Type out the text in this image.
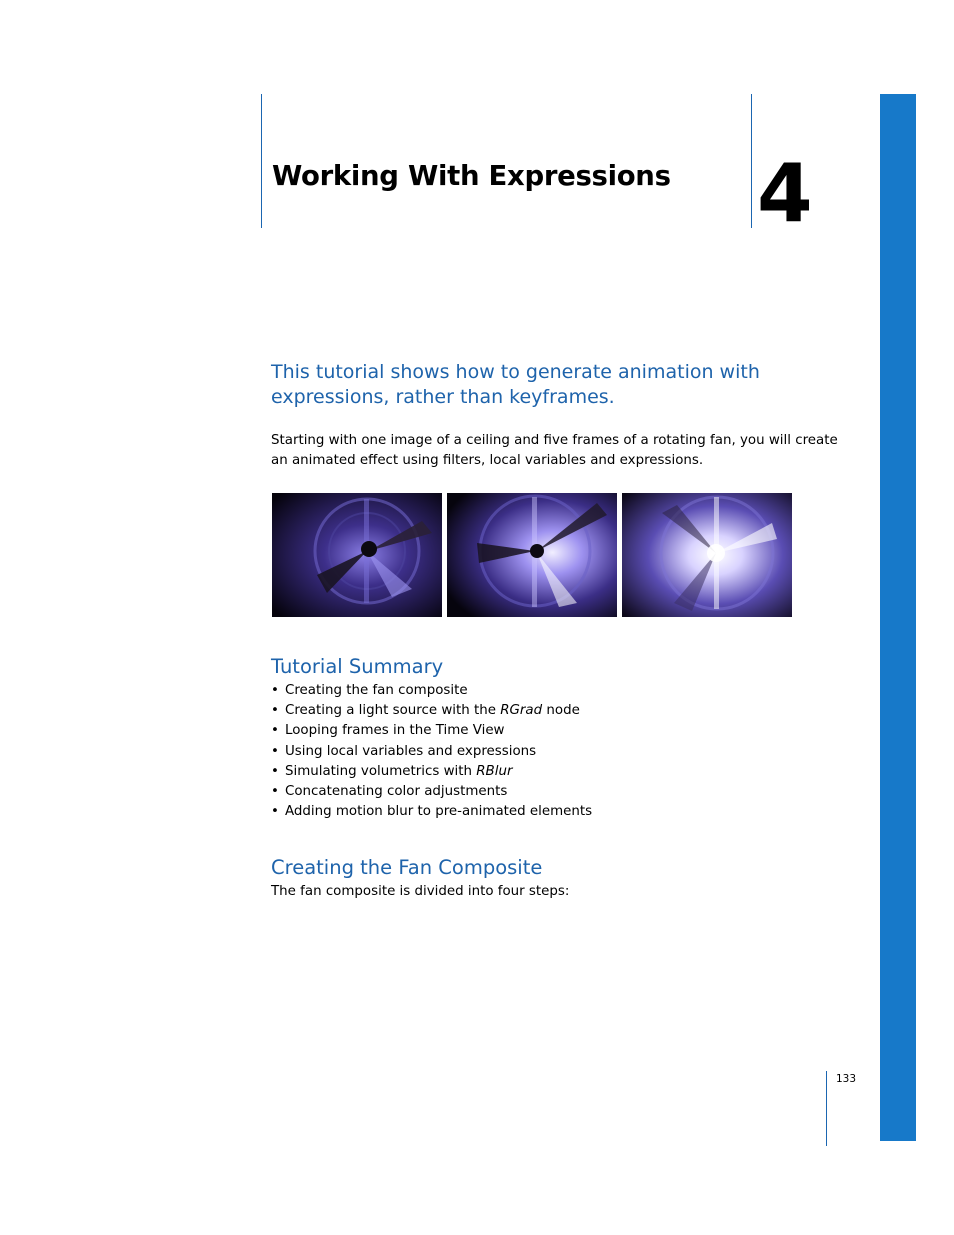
Working With Expressions 4
This tutorial shows how to generate animation with expressions, rather than keyframes.

Starting with one image of a ceiling and five frames of a rotating fan, you will create an animated effect using filters, local variables and expressions.

Tutorial Summary
• Creating the fan composite
• Creating a light source with the RGrad node
• Looping frames in the Time View
• Using local variables and expressions
• Simulating volumetrics with RBlur
• Concatenating color adjustments
• Adding motion blur to pre-animated elements
Creating the Fan Composite

The fan composite is divided into four steps:

133
